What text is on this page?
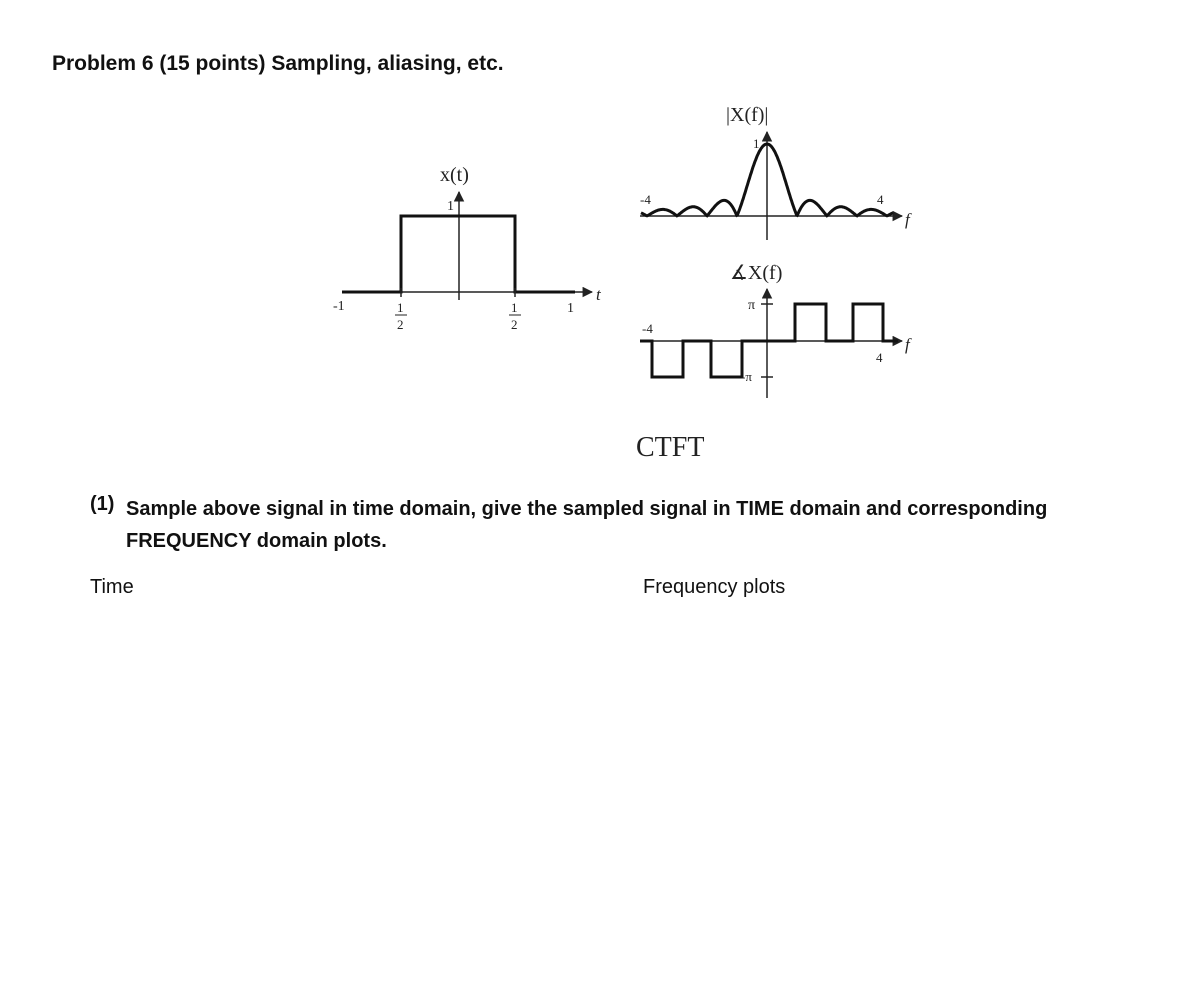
Problem 6 (15 points) Sampling, aliasing, etc.
x(t)
1
t
-1	1
1
2
1
2
|X(f)|
1
-4	4
f
∡X(f)
π
-π
-4
4
f
CTFT
(1) Sample above signal in time domain, give the sampled signal in TIME domain and corresponding FREQUENCY domain plots.

Time	Frequency plots
